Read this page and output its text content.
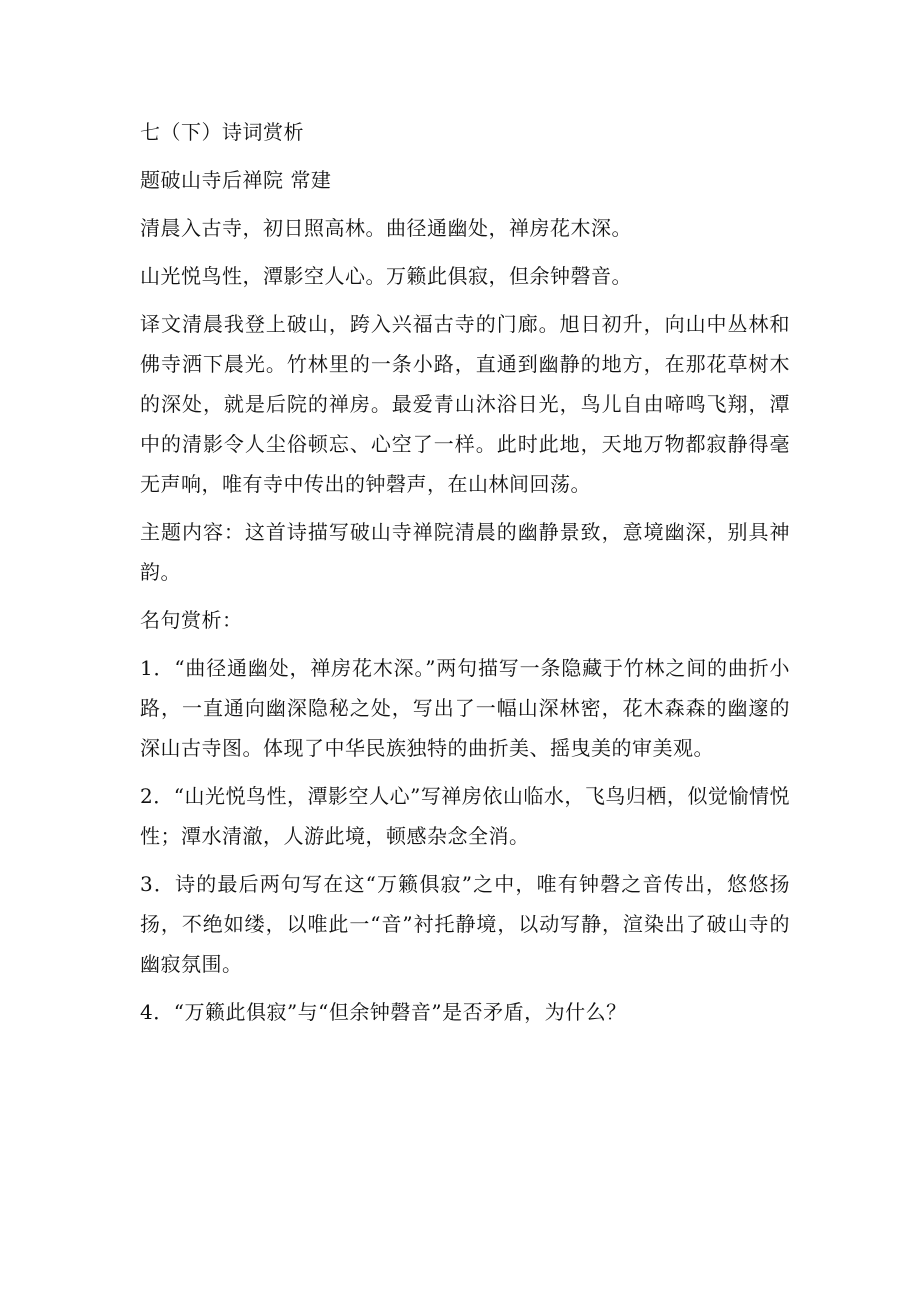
七（下）诗词赏析

题破山寺后禅院 常建

清晨入古寺，初日照高林。曲径通幽处，禅房花木深。

山光悦鸟性，潭影空人心。万籁此俱寂，但余钟磬音。

译文清晨我登上破山，跨入兴福古寺的门廊。旭日初升，向山中丛林和佛寺洒下晨光。竹林里的一条小路，直通到幽静的地方，在那花草树木的深处，就是后院的禅房。最爱青山沐浴日光，鸟儿自由啼鸣飞翔，潭中的清影令人尘俗顿忘、心空了一样。此时此地，天地万物都寂静得毫无声响，唯有寺中传出的钟磬声，在山林间回荡。

主题内容：这首诗描写破山寺禅院清晨的幽静景致，意境幽深，别具神韵。

名句赏析：

1．“曲径通幽处，禅房花木深。”两句描写一条隐藏于竹林之间的曲折小路，一直通向幽深隐秘之处，写出了一幅山深林密，花木森森的幽邃的深山古寺图。体现了中华民族独特的曲折美、摇曳美的审美观。

2．“山光悦鸟性，潭影空人心”写禅房依山临水，飞鸟归栖，似觉愉情悦性；潭水清澈，人游此境，顿感杂念全消。

3．诗的最后两句写在这“万籁俱寂”之中，唯有钟磬之音传出，悠悠扬扬，不绝如缕，以唯此一“音”衬托静境，以动写静，渲染出了破山寺的幽寂氛围。

4．“万籁此俱寂”与“但余钟磬音”是否矛盾，为什么？
